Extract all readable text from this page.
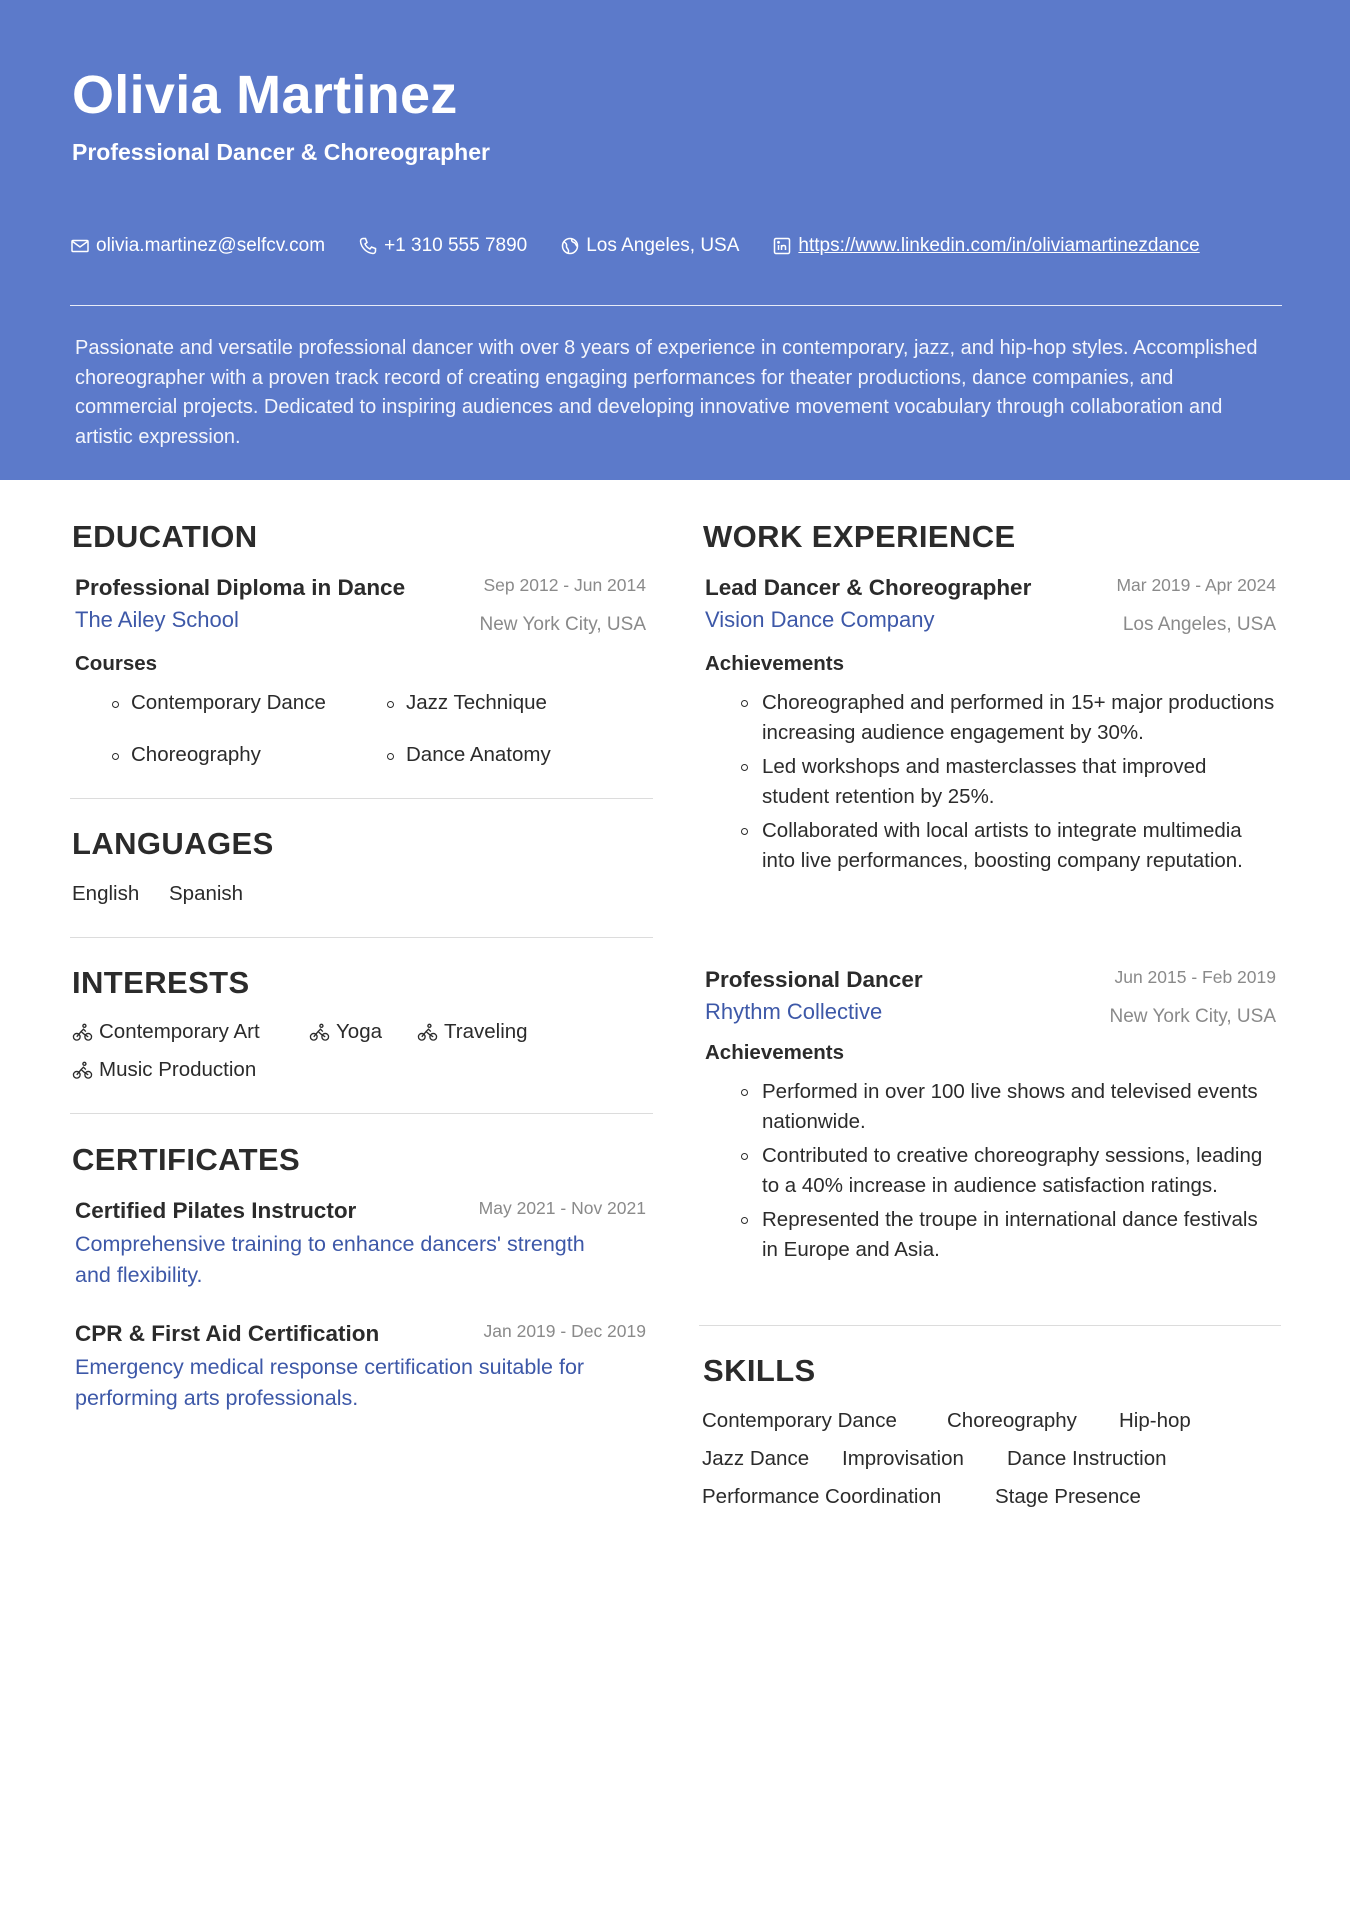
Olivia Martinez
Professional Dancer & Choreographer
olivia.martinez@selfcv.com	+1 310 555 7890	Los Angeles, USA	https://www.linkedin.com/in/oliviamartinezdance
Passionate and versatile professional dancer with over 8 years of experience in contemporary, jazz, and hip-hop styles. Accomplished choreographer with a proven track record of creating engaging performances for theater productions, dance companies, and commercial projects. Dedicated to inspiring audiences and developing innovative movement vocabulary through collaboration and artistic expression.
EDUCATION
Professional Diploma in Dance	Sep 2012 - Jun 2014
The Ailey School	New York City, USA
Courses
Contemporary Dance	Jazz Technique
Choreography	Dance Anatomy
LANGUAGES
English Spanish
INTERESTS
Contemporary Art	Yoga	Traveling
Music Production
CERTIFICATES
Certified Pilates Instructor	May 2021 - Nov 2021
Comprehensive training to enhance dancers' strength and flexibility.
CPR & First Aid Certification	Jan 2019 - Dec 2019
Emergency medical response certification suitable for performing arts professionals.
WORK EXPERIENCE
Lead Dancer & Choreographer	Mar 2019 - Apr 2024
Vision Dance Company	Los Angeles, USA
Achievements
Choreographed and performed in 15+ major productions increasing audience engagement by 30%.
Led workshops and masterclasses that improved student retention by 25%.
Collaborated with local artists to integrate multimedia into live performances, boosting company reputation.
Professional Dancer	Jun 2015 - Feb 2019
Rhythm Collective	New York City, USA
Achievements
Performed in over 100 live shows and televised events nationwide.
Contributed to creative choreography sessions, leading to a 40% increase in audience satisfaction ratings.
Represented the troupe in international dance festivals in Europe and Asia.
SKILLS
Contemporary Dance Choreography Hip-hop
Jazz Dance Improvisation Dance Instruction
Performance Coordination	Stage Presence
